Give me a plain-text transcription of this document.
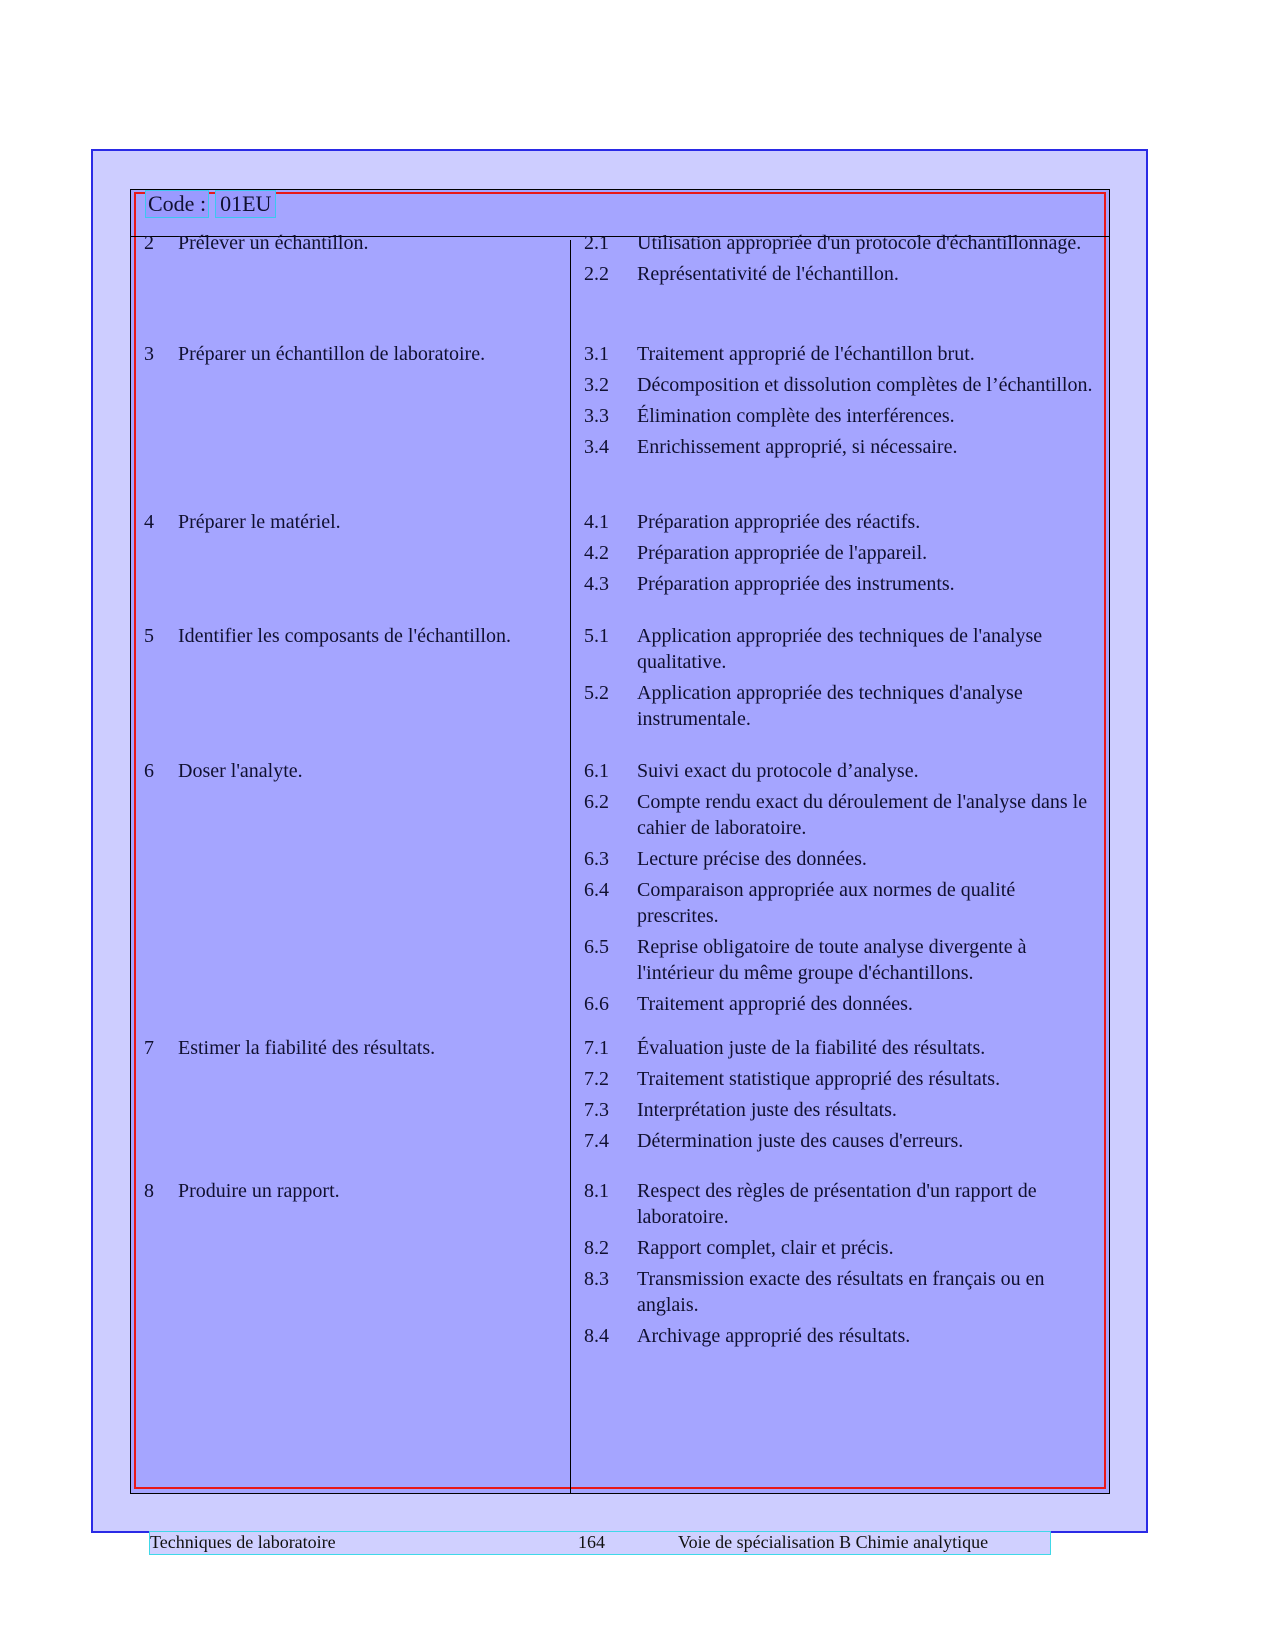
Code : 01EU
2 Prélever un échantillon.	2.1 Utilisation appropriée d'un protocole d'échantillonnage.
2.2 Représentativité de l'échantillon.
3 Préparer un échantillon de laboratoire.	3.1 Traitement approprié de l'échantillon brut.
3.2 Décomposition et dissolution complètes de l’échantillon.
3.3 Élimination complète des interférences.
3.4 Enrichissement approprié, si nécessaire.
4 Préparer le matériel.	4.1 Préparation appropriée des réactifs.
4.2 Préparation appropriée de l'appareil.
4.3 Préparation appropriée des instruments.
5 Identifier les composants de l'échantillon.	5.1 Application appropriée des techniques de l'analyse qualitative.
5.2 Application appropriée des techniques d'analyse instrumentale.
6 Doser l'analyte.	6.1 Suivi exact du protocole d’analyse.
6.2 Compte rendu exact du déroulement de l'analyse dans le cahier de laboratoire.
6.3 Lecture précise des données.
6.4 Comparaison appropriée aux normes de qualité prescrites.
6.5 Reprise obligatoire de toute analyse divergente à l'intérieur du même groupe d'échantillons.
6.6 Traitement approprié des données.
7 Estimer la fiabilité des résultats.	7.1 Évaluation juste de la fiabilité des résultats.
7.2 Traitement statistique approprié des résultats.
7.3 Interprétation juste des résultats.
7.4 Détermination juste des causes d'erreurs.
8 Produire un rapport.	8.1 Respect des règles de présentation d'un rapport de laboratoire.
8.2 Rapport complet, clair et précis.
8.3 Transmission exacte des résultats en français ou en anglais.
8.4 Archivage approprié des résultats.
Techniques de laboratoire	164	Voie de spécialisation B Chimie analytique
